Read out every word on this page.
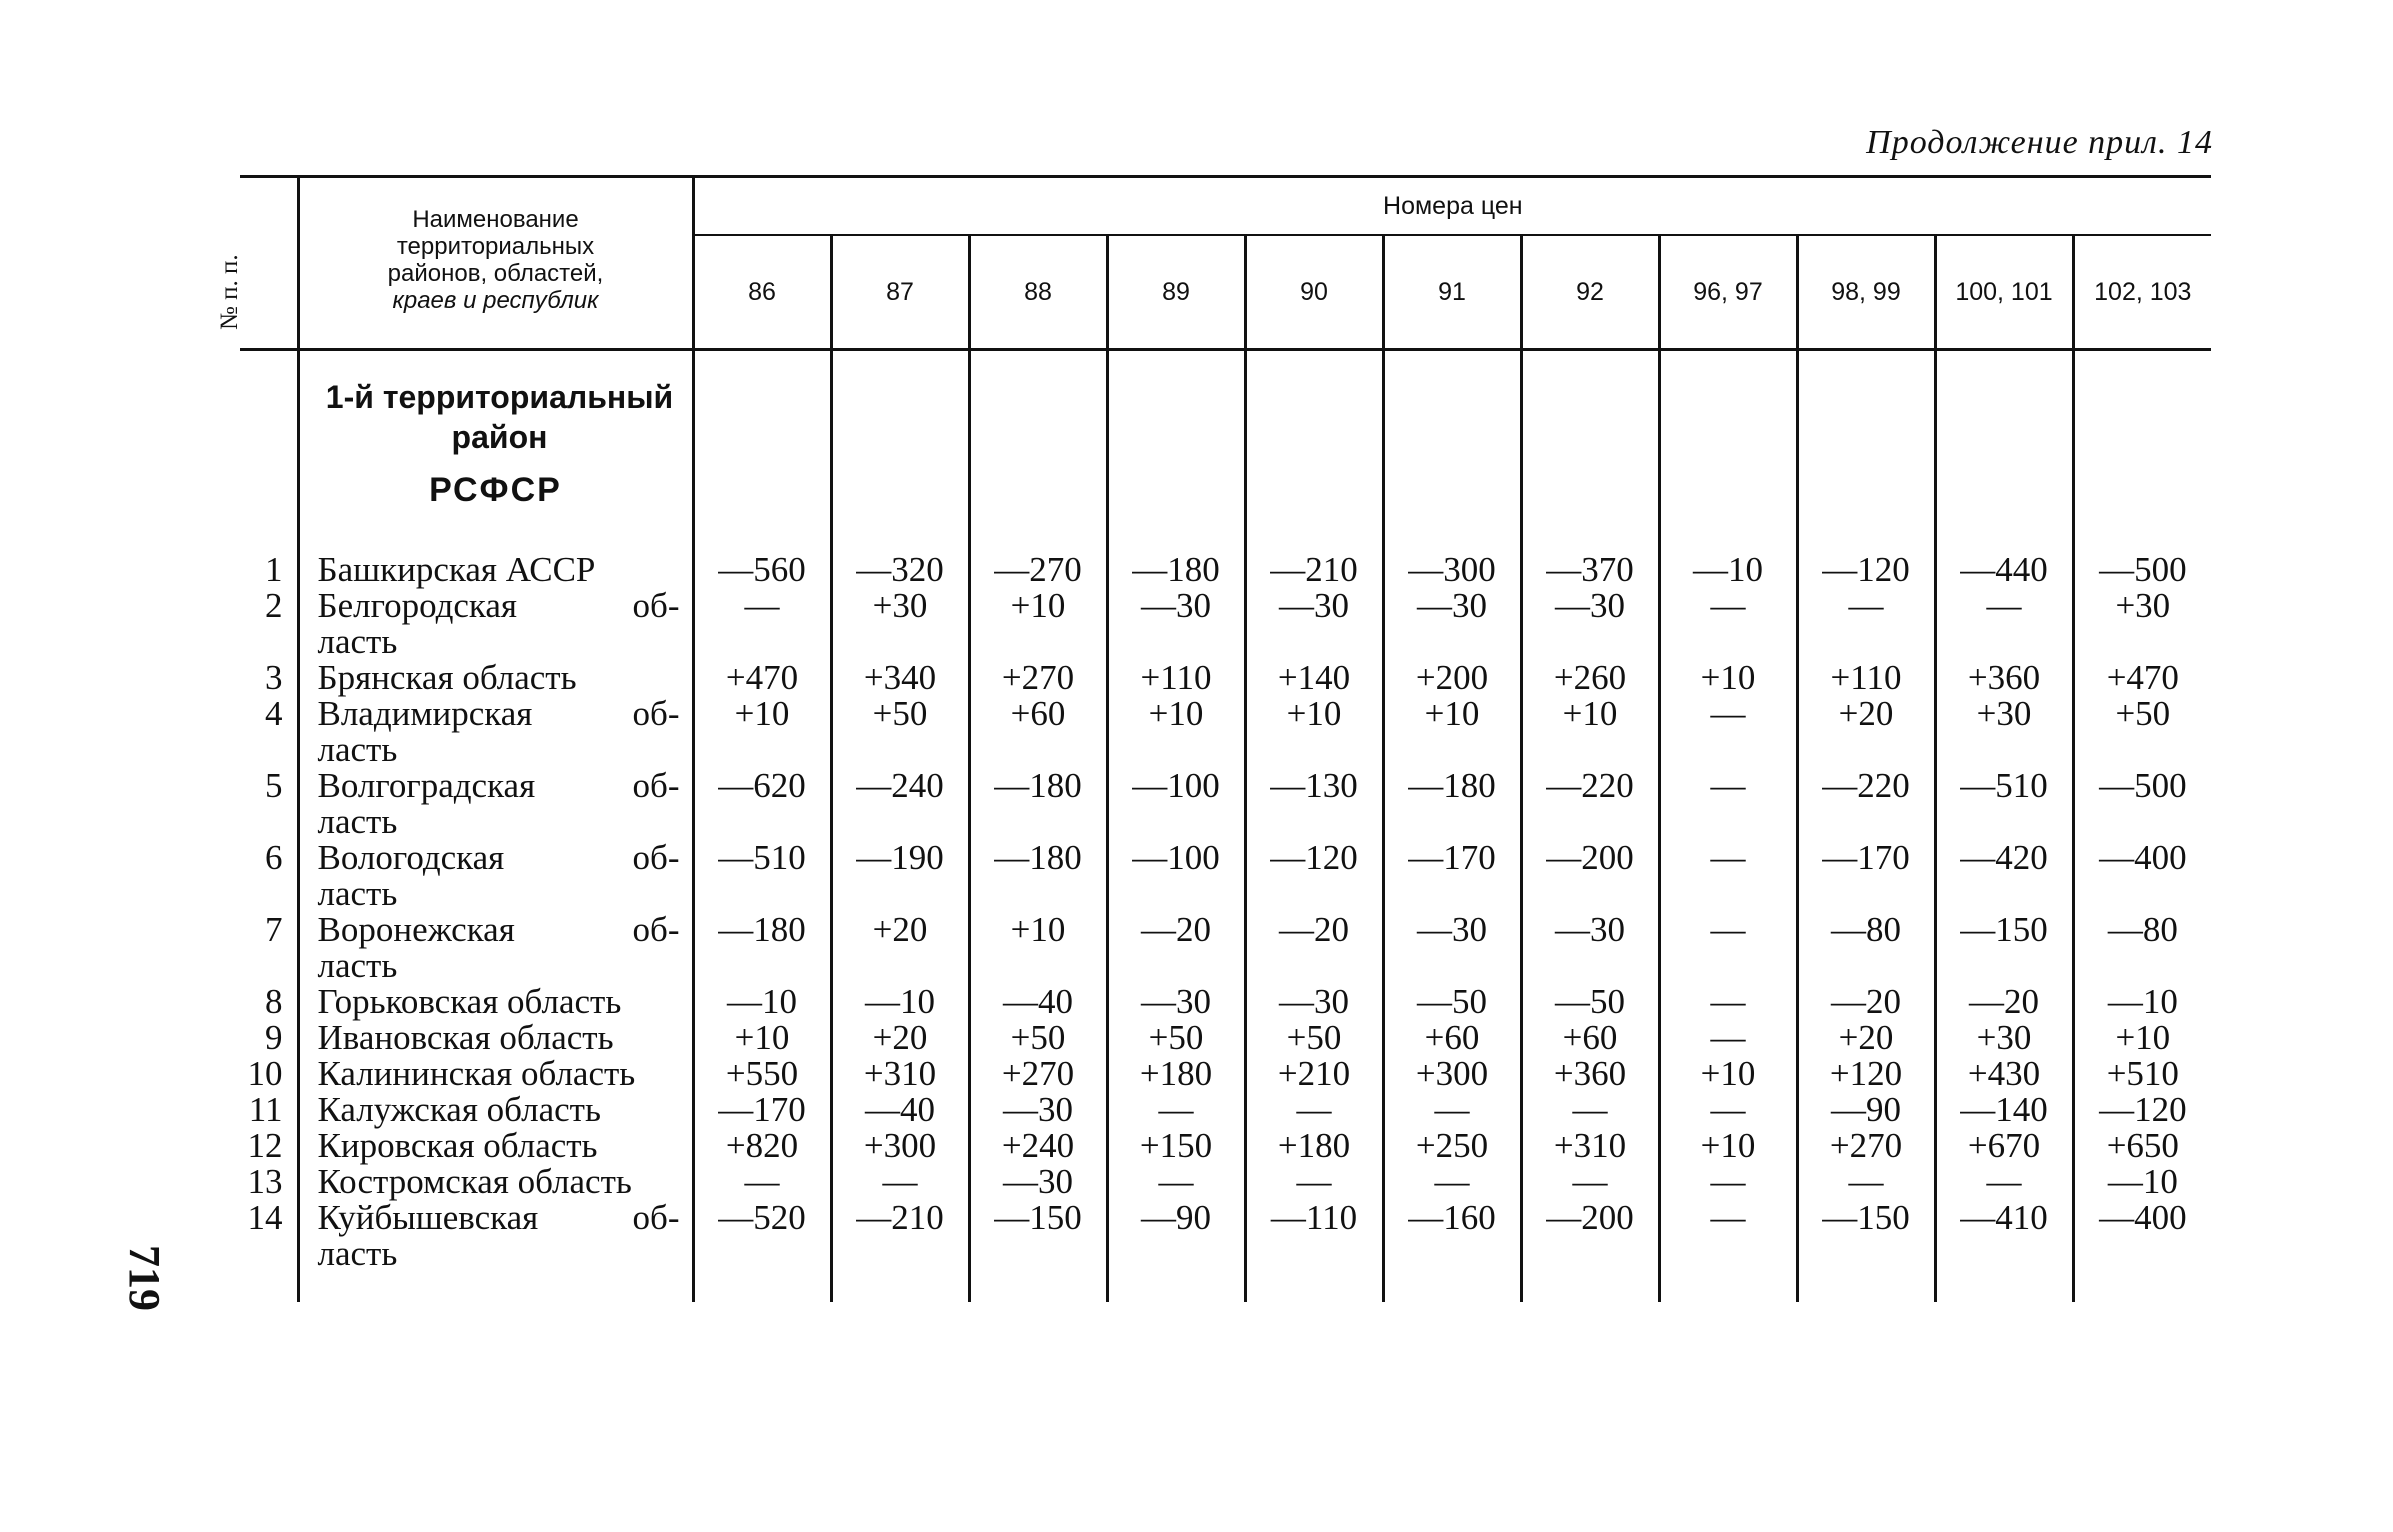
Продолжение прил. 14
№ п. п.	Наименование
территориальных
районов, областей,
краев и республик	Номера цен										
		86	87	88	89	90	91	92	96, 97	98, 99	100, 101	102, 103

	1-й территориальный район
РСФСР											

1	Башкирская АССР	—560	—320	—270	—180	—210	—300	—370	—10	—120	—440	—500
2	Белгородская об-
ласть	—	+30	+10	—30	—30	—30	—30	—	—	—	+30
3	Брянская область	+470	+340	+270	+110	+140	+200	+260	+10	+110	+360	+470
4	Владимирская об-
ласть	+10	+50	+60	+10	+10	+10	+10	—	+20	+30	+50
5	Волгоградская об-
ласть	—620	—240	—180	—100	—130	—180	—220	—	—220	—510	—500
6	Вологодская об-
ласть	—510	—190	—180	—100	—120	—170	—200	—	—170	—420	—400
7	Воронежская об-
ласть	—180	+20	+10	—20	—20	—30	—30	—	—80	—150	—80
8	Горьковская область	—10	—10	—40	—30	—30	—50	—50	—	—20	—20	—10
9	Ивановская область	+10	+20	+50	+50	+50	+60	+60	—	+20	+30	+10
10	Калининская область	+550	+310	+270	+180	+210	+300	+360	+10	+120	+430	+510
11	Калужская область	—170	—40	—30	—	—	—	—	—	—90	—140	—120
12	Кировская область	+820	+300	+240	+150	+180	+250	+310	+10	+270	+670	+650
13	Костромская область	—	—	—30	—	—	—	—	—	—	—	—10
14	Куйбышевская об-
ласть	—520	—210	—150	—90	—110	—160	—200	—	—150	—410	—400

719
